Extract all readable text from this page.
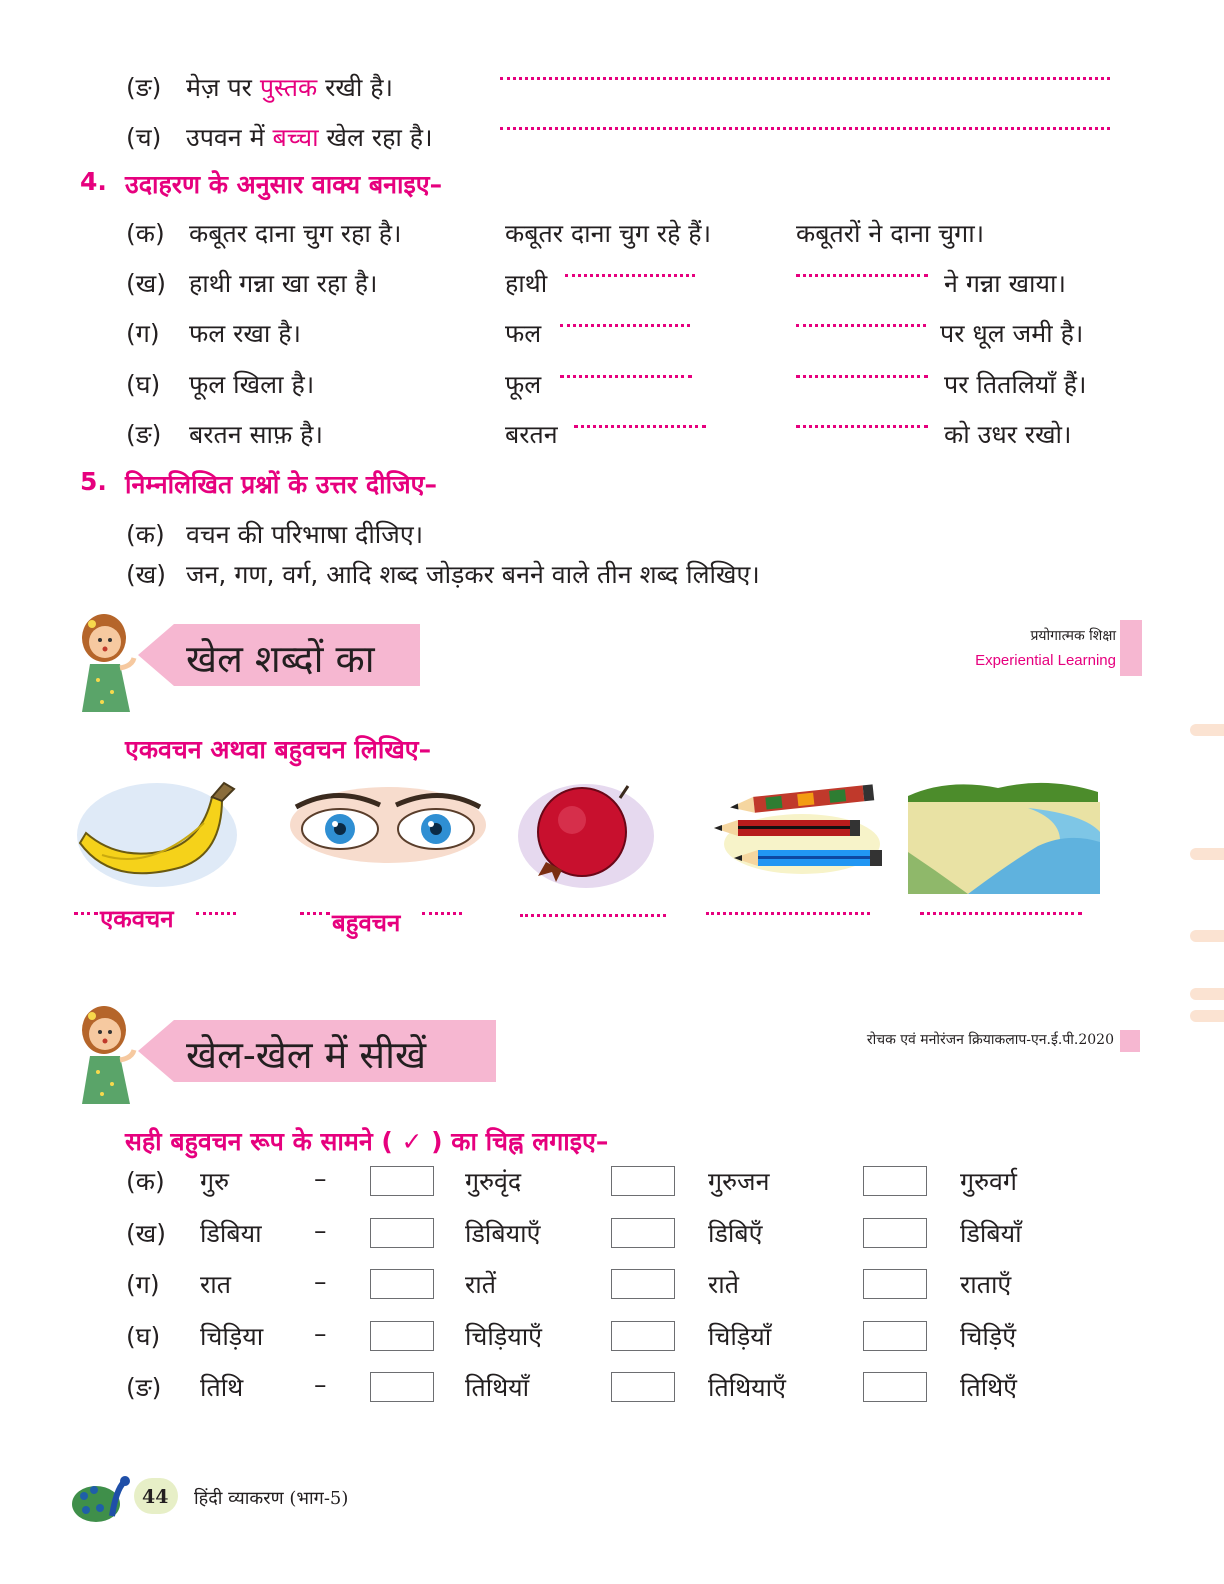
(ङ) मेज़ पर पुस्तक रखी है।
(च) उपवन में बच्चा खेल रहा है।
4. उदाहरण के अनुसार वाक्य बनाइए–
(क) कबूतर दाना चुग रहा है।	कबूतर दाना चुग रहे हैं।	कबूतरों ने दाना चुगा।
(ख) हाथी गन्ना खा रहा है।	हाथी	ने गन्ना खाया।
(ग) फल रखा है।	फल	पर धूल जमी है।
(घ) फूल खिला है।	फूल	पर तितलियाँ हैं।
(ङ) बरतन साफ़ है।	बरतन	को उधर रखो।
5. निम्नलिखित प्रश्नों के उत्तर दीजिए–
(क) वचन की परिभाषा दीजिए।
(ख) जन, गण, वर्ग, आदि शब्द जोड़कर बनने वाले तीन शब्द लिखिए।
खेल शब्दों का
प्रयोगात्मक शिक्षा
Experiential Learning
एकवचन अथवा बहुवचन लिखिए–
एकवचन	बहुवचन
खेल-खेल में सीखें	रोचक एवं मनोरंजन क्रियाकलाप-एन.ई.पी.2020
सही बहुवचन रूप के सामने ( ✓ ) का चिह्न लगाइए–
(क) गुरु	–	गुरुवृंद	गुरुजन	गुरुवर्ग
(ख) डिबिया –	डिबियाएँ	डिबिएँ	डिबियाँ
(ग) रात	–	रातें	राते	राताएँ
(घ) चिड़िया –	चिड़ियाएँ	चिड़ियाँ	चिड़िएँ
(ङ) तिथि	–	तिथियाँ	तिथियाएँ	तिथिएँ
44 हिंदी व्याकरण (भाग-5)
